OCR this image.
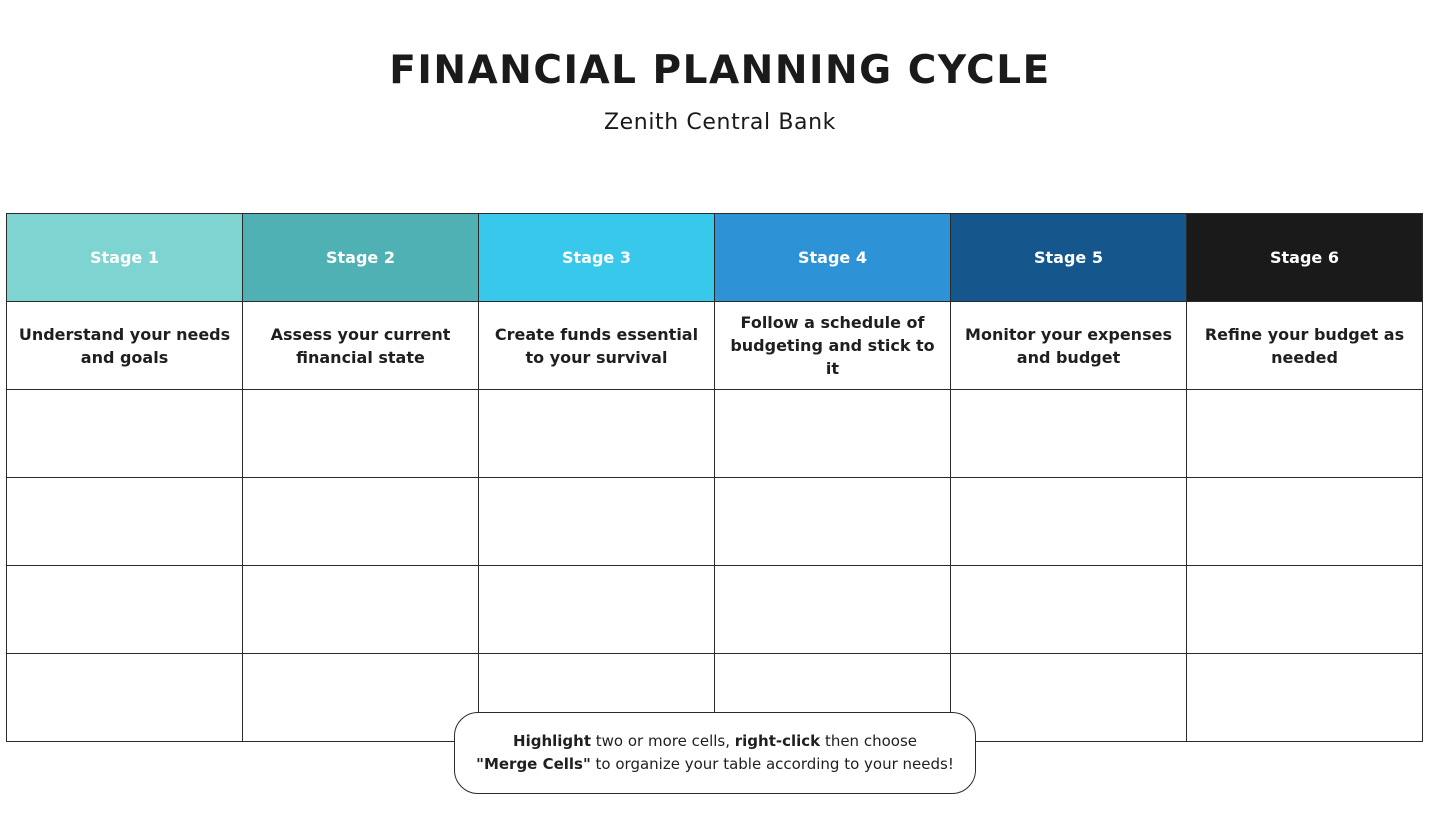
FINANCIAL PLANNING CYCLE
Zenith Central Bank
Stage 1	Stage 2	Stage 3	Stage 4	Stage 5	Stage 6
Understand your needs and goals	Assess your current financial state	Create funds essential to your survival	Follow a schedule of budgeting and stick to it	Monitor your expenses and budget	Refine your budget as needed

Highlight two or more cells, right-click then choose
"Merge Cells" to organize your table according to your needs!
